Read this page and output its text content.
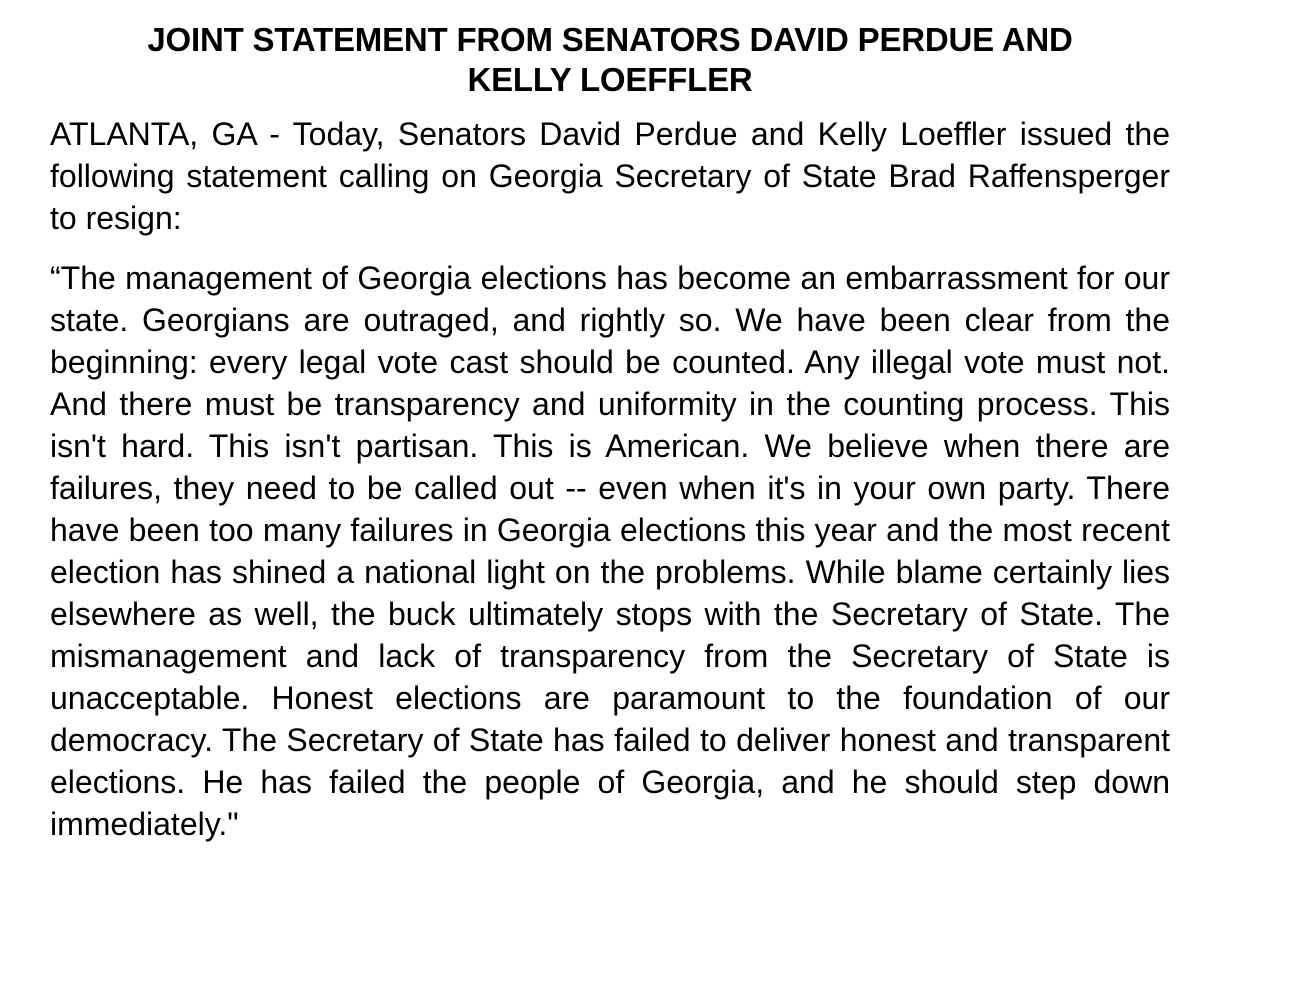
JOINT STATEMENT FROM SENATORS DAVID PERDUE AND
KELLY LOEFFLER

ATLANTA, GA - Today, Senators David Perdue and Kelly Loeffler issued the following statement calling on Georgia Secretary of State Brad Raffensperger to resign:

“The management of Georgia elections has become an embarrassment for our state. Georgians are outraged, and rightly so. We have been clear from the beginning: every legal vote cast should be counted. Any illegal vote must not. And there must be transparency and uniformity in the counting process. This isn't hard. This isn't partisan. This is American. We believe when there are failures, they need to be called out -- even when it's in your own party. There have been too many failures in Georgia elections this year and the most recent election has shined a national light on the problems. While blame certainly lies elsewhere as well, the buck ultimately stops with the Secretary of State. The mismanagement and lack of transparency from the Secretary of State is unacceptable. Honest elections are paramount to the foundation of our democracy. The Secretary of State has failed to deliver honest and transparent elections. He has failed the people of Georgia, and he should step down immediately."
